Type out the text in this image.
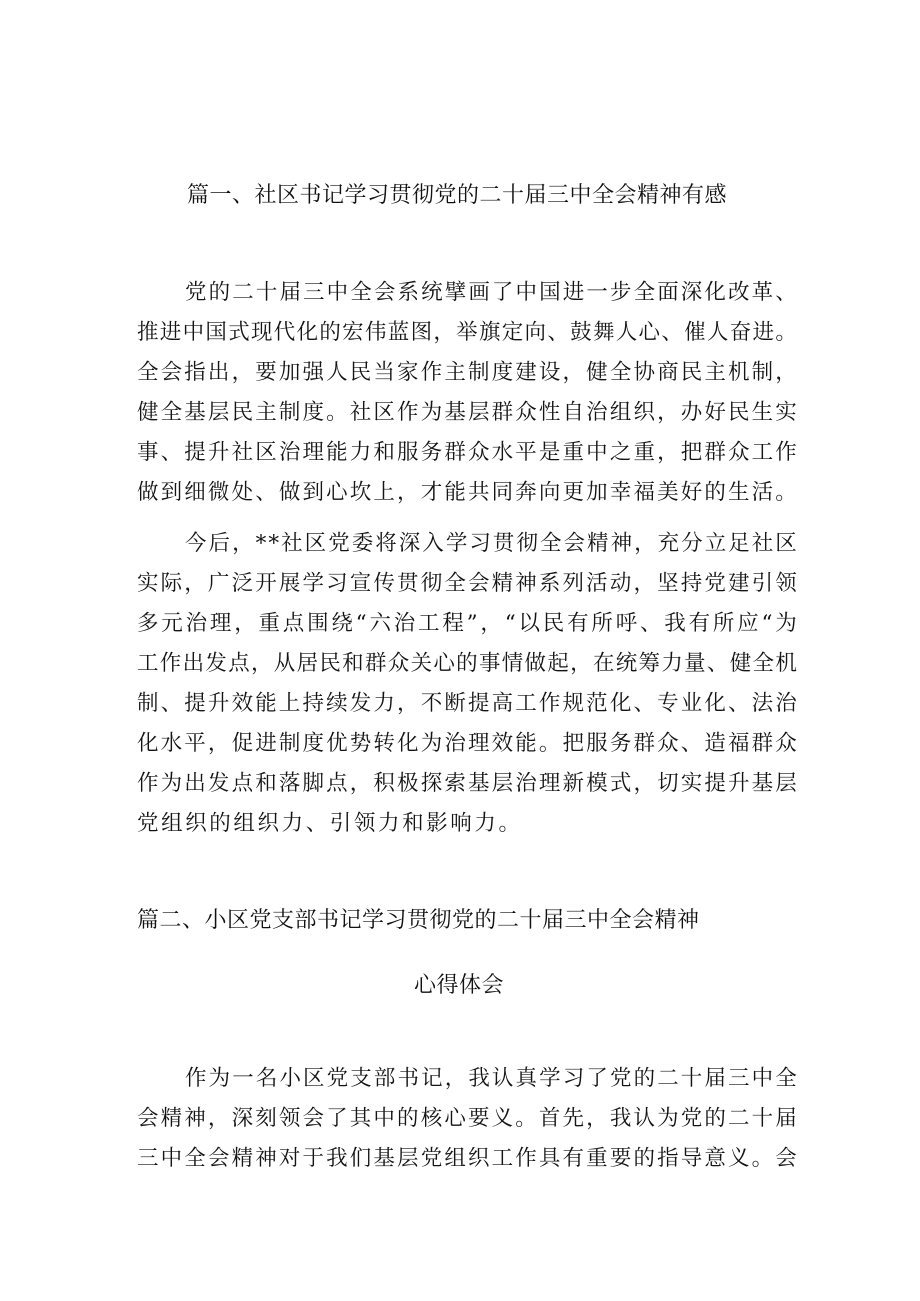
篇一、社区书记学习贯彻党的二十届三中全会精神有感
党 的 二 十 届 三 中 全 会 系 统 擘 画 了 中 国 进 一 步 全 面 深 化 改 革 、
推 进 中 国 式 现 代 化 的 宏 伟 蓝 图 ， 举 旗 定 向 、 鼓 舞 人 心 、 催 人 奋 进 。
全 会 指 出 ， 要 加 强 人 民 当 家 作 主 制 度 建 设 ， 健 全 协 商 民 主 机 制 ，
健 全 基 层 民 主 制 度 。 社 区 作 为 基 层 群 众 性 自 治 组 织 ， 办 好 民 生 实
事 、 提 升 社 区 治 理 能 力 和 服 务 群 众 水 平 是 重 中 之 重 ， 把 群 众 工 作
做 到 细 微 处 、 做 到 心 坎 上 ， 才 能 共 同 奔 向 更 加 幸 福 美 好 的 生 活 。
今 后 ， * * 社 区 党 委 将 深 入 学 习 贯 彻 全 会 精 神 ， 充 分 立 足 社 区
实 际 ， 广 泛 开 展 学 习 宣 传 贯 彻 全 会 精 神 系 列 活 动 ， 坚 持 党 建 引 领
多 元 治 理 ， 重 点 围 绕 “ 六 治 工 程 ” ， “ 以 民 有 所 呼 、 我 有 所 应 “ 为
工 作 出 发 点 ， 从 居 民 和 群 众 关 心 的 事 情 做 起 ， 在 统 筹 力 量 、 健 全 机
制 、 提 升 效 能 上 持 续 发 力 ， 不 断 提 高 工 作 规 范 化 、 专 业 化 、 法 治
化 水 平 ， 促 进 制 度 优 势 转 化 为 治 理 效 能 。 把 服 务 群 众 、 造 福 群 众
作 为 出 发 点 和 落 脚 点 ， 积 极 探 索 基 层 治 理 新 模 式 ， 切 实 提 升 基 层
党组织的组织力、引领力和影响力。
篇二、小区党支部书记学习贯彻党的二十届三中全会精神
心得体会
作 为 一 名 小 区 党 支 部 书 记 ， 我 认 真 学 习 了 党 的 二 十 届 三 中 全
会 精 神 ， 深 刻 领 会 了 其 中 的 核 心 要 义 。 首 先 ， 我 认 为 党 的 二 十 届
三 中 全 会 精 神 对 于 我 们 基 层 党 组 织 工 作 具 有 重 要 的 指 导 意 义 。 会
